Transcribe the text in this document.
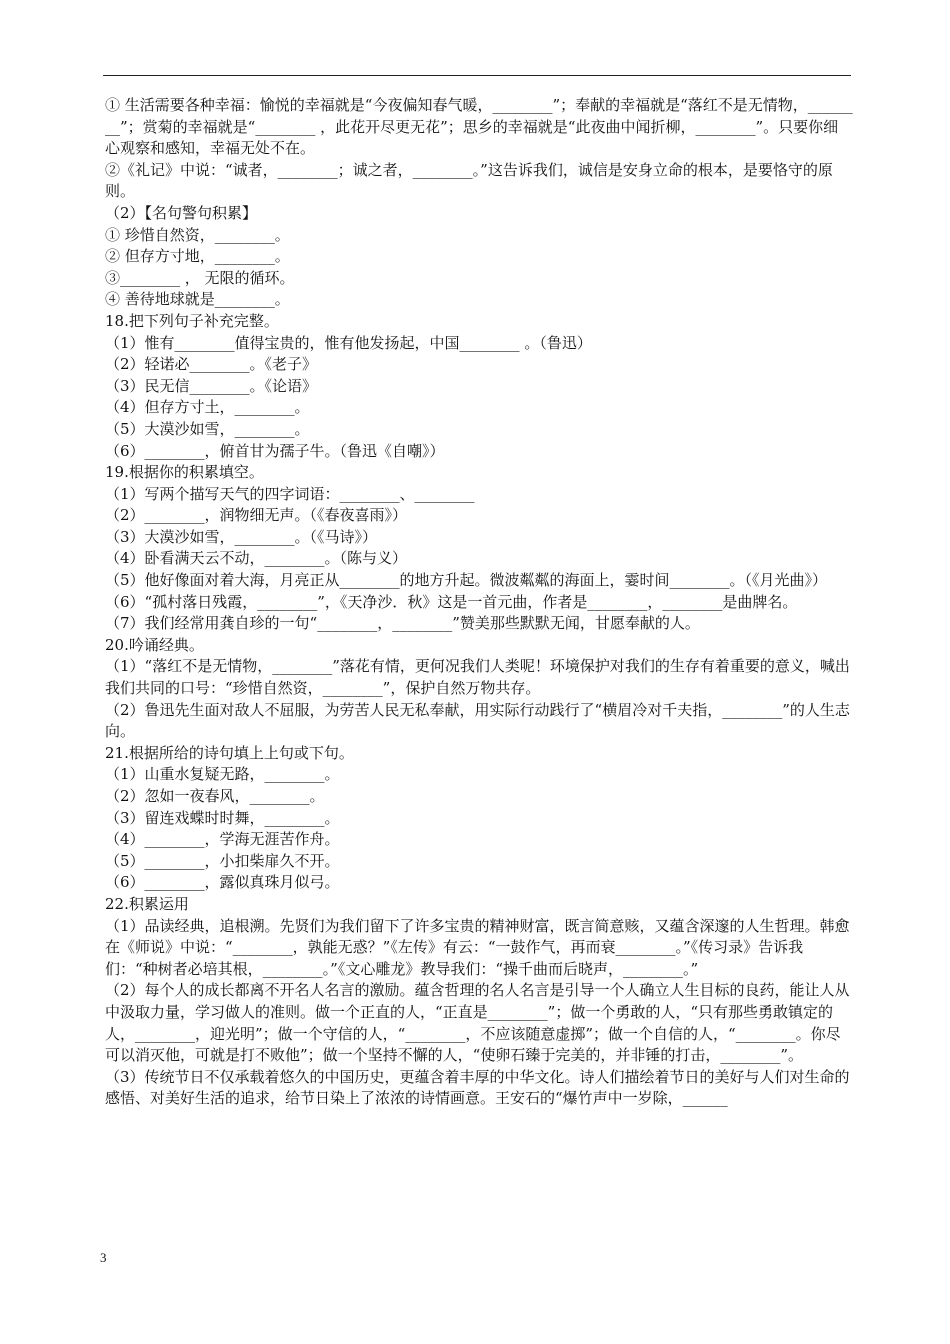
① 生活需要各种幸福：愉悦的幸福就是“今夜偏知春气暖，________”；奉献的幸福就是“落红不是无情物，________”；赏菊的幸福就是“________ ，此花开尽更无花”；思乡的幸福就是“此夜曲中闻折柳，________”。只要你细心观察和感知，幸福无处不在。

②《礼记》中说：“诚者，________；诚之者，________。”这告诉我们，诚信是安身立命的根本，是要恪守的原则。

（2）【名句警句积累】

① 珍惜自然资，________。

② 但存方寸地，________。

③________ ， 无限的循环。

④ 善待地球就是________。

18.把下列句子补充完整。

（1）惟有________值得宝贵的，惟有他发扬起，中国________ 。（鲁迅）

（2）轻诺必________。《老子》

（3）民无信________。《论语》

（4）但存方寸土，________。

（5）大漠沙如雪，________。

（6）________，俯首甘为孺子牛。（鲁迅《自嘲》）

19.根据你的积累填空。

（1）写两个描写天气的四字词语：________、________

（2）________，润物细无声。（《春夜喜雨》）

（3）大漠沙如雪，________。（《马诗》）

（4）卧看满天云不动，________。（陈与义）

（5）他好像面对着大海，月亮正从________的地方升起。微波粼粼的海面上，霎时间________。（《月光曲》）

（6）“孤村落日残霞，________”，《天净沙．秋》这是一首元曲，作者是________，________是曲牌名。

（7）我们经常用龚自珍的一句“________，________”赞美那些默默无闻，甘愿奉献的人。

20.吟诵经典。

（1）“落红不是无情物，________”落花有情，更何况我们人类呢！环境保护对我们的生存有着重要的意义，喊出我们共同的口号：“珍惜自然资，________”，保护自然万物共存。

（2）鲁迅先生面对敌人不屈服，为劳苦人民无私奉献，用实际行动践行了“横眉冷对千夫指，________”的人生志向。

21.根据所给的诗句填上上句或下句。

（1）山重水复疑无路，________。

（2）忽如一夜春风，________。

（3）留连戏蝶时时舞，________。

（4）________，学海无涯苦作舟。

（5）________，小扣柴扉久不开。

（6）________，露似真珠月似弓。

22.积累运用

（1）品读经典，追根溯。先贤们为我们留下了许多宝贵的精神财富，既言简意赅，又蕴含深邃的人生哲理。韩愈在《师说》中说：“________，孰能无惑？”《左传》有云：“一鼓作气，再而衰________。”《传习录》告诉我们：“种树者必培其根，________。”《文心雕龙》教导我们：“操千曲而后晓声，________。”

（2）每个人的成长都离不开名人名言的激励。蕴含哲理的名人名言是引导一个人确立人生目标的良药，能让人从中汲取力量，学习做人的准则。做一个正直的人，“正直是________”；做一个勇敢的人，“只有那些勇敢镇定的人，________，迎光明”；做一个守信的人，“________，不应该随意虚掷”；做一个自信的人，“________。你尽可以消灭他，可就是打不败他”；做一个坚持不懈的人，“使卵石臻于完美的，并非锤的打击，________”。

（3）传统节日不仅承载着悠久的中国历史，更蕴含着丰厚的中华文化。诗人们描绘着节日的美好与人们对生命的感悟、对美好生活的追求，给节日染上了浓浓的诗情画意。王安石的“爆竹声中一岁除，______

3
